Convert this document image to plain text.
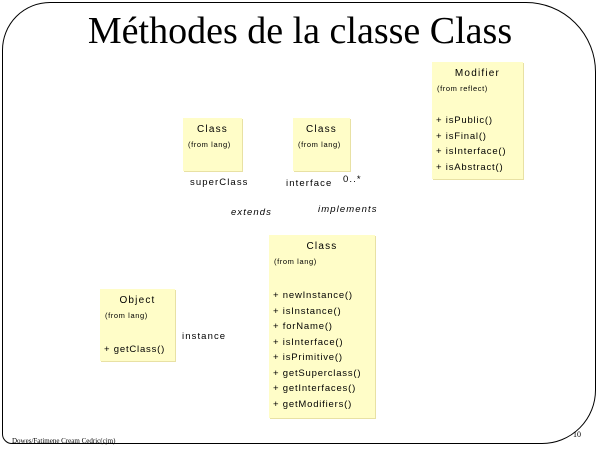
Méthodes de la classe Class
Modifier
(from reflect)
+ isPublic()
+ isFinal()
+ isInterface()
+ isAbstract()
Class
(from lang)
Class
(from lang)
Class
(from lang)
+ newInstance()
+ isInstance()
+ forName()
+ isInterface()
+ isPrimitive()
+ getSuperclass()
+ getInterfaces()
+ getModifiers()
Object
(from lang)
+ getClass()
superClass	interface 0..*
extends	implements
instance
Dowes/Fatimene Cream Cedric(cjm)
10
